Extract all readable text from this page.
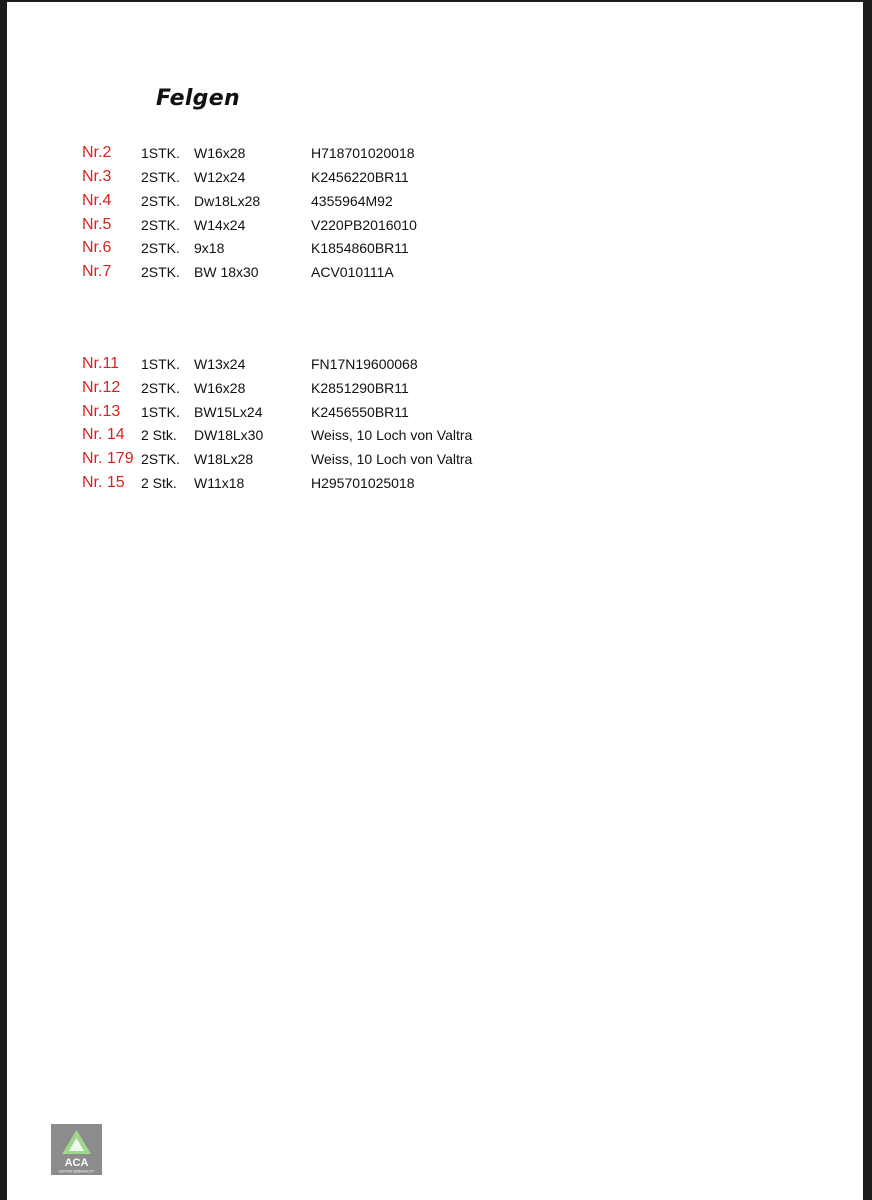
Felgen
Nr.2 1STK. W16x28	H718701020018
Nr.3 2STK. W12x24	K2456220BR11
Nr.4 2STK. Dw18Lx28	4355964M92
Nr.5 2STK. W14x24	V220PB2016010
Nr.6 2STK. 9x18	K1854860BR11
Nr.7 2STK. BW 18x30	ACV010111A
Nr.11 1STK. W13x24	FN17N19600068
Nr.12 2STK. W16x28	K2851290BR11
Nr.13 1STK. BW15Lx24	K2456550BR11
Nr. 14 2 Stk. DW18Lx30	Weiss, 10 Loch von Valtra
Nr. 179 2STK. W18Lx28	Weiss, 10 Loch von Valtra
Nr. 15 2 Stk. W11x18	H295701025018
ACA
CENTER BEBRAUCHT
